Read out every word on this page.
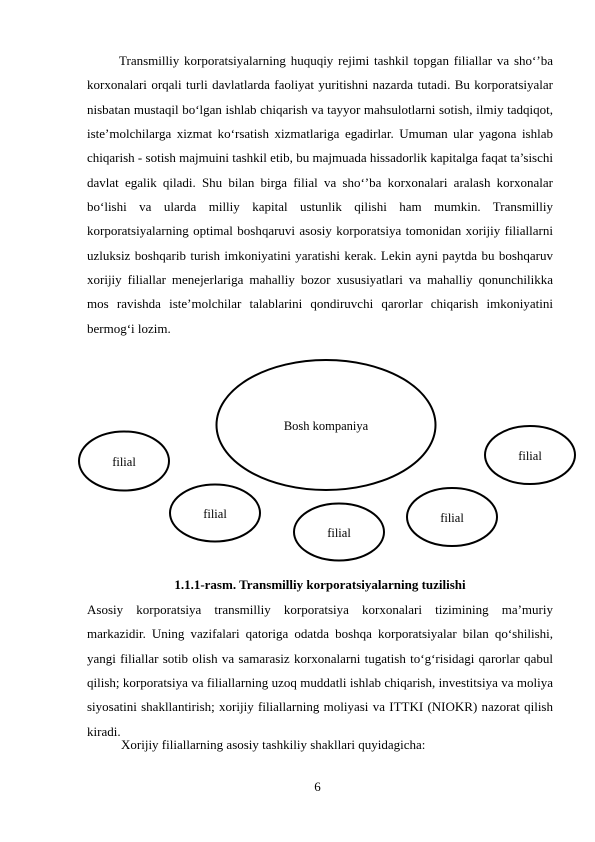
Transmilliy korporatsiyalarning huquqiy rejimi tashkil topgan filiallar va sho‘’ba korxonalari orqali turli davlatlarda faoliyat yuritishni nazarda tutadi. Bu korporatsiyalar nisbatan mustaqil bo‘lgan ishlab chiqarish va tayyor mahsulotlarni sotish, ilmiy tadqiqot, iste’molchilarga xizmat ko‘rsatish xizmatlariga egadirlar. Umuman ular yagona ishlab chiqarish - sotish majmuini tashkil etib, bu majmuada hissadorlik kapitalga faqat ta’sischi davlat egalik qiladi. Shu bilan birga filial va sho‘’ba korxonalari aralash korxonalar bo‘lishi va ularda milliy kapital ustunlik qilishi ham mumkin. Transmilliy korporatsiyalarning optimal boshqaruvi asosiy korporatsiya tomonidan xorijiy filiallarni uzluksiz boshqarib turish imkoniyatini yaratishi kerak. Lekin ayni paytda bu boshqaruv xorijiy filiallar menejerlariga mahalliy bozor xususiyatlari va mahalliy qonunchilikka mos ravishda iste’molchilar talablarini qondiruvchi qarorlar chiqarish imkoniyatini bermog‘i lozim.

Bosh kompaniya
filial	filial
filial
filial
filial

1.1.1-rasm. Transmilliy korporatsiyalarning tuzilishi

Asosiy korporatsiya transmilliy korporatsiya korxonalari tizimining ma’muriy markazidir. Uning vazifalari qatoriga odatda boshqa korporatsiyalar bilan qo‘shilishi, yangi filiallar sotib olish va samarasiz korxonalarni tugatish to‘g‘risidagi qarorlar qabul qilish; korporatsiya va filiallarning uzoq muddatli ishlab chiqarish, investitsiya va moliya siyosatini shakllantirish; xorijiy filiallarning moliyasi va ITTKI (NIOKR) nazorat qilish kiradi.

Xorijiy filiallarning asosiy tashkiliy shakllari quyidagicha:

6
